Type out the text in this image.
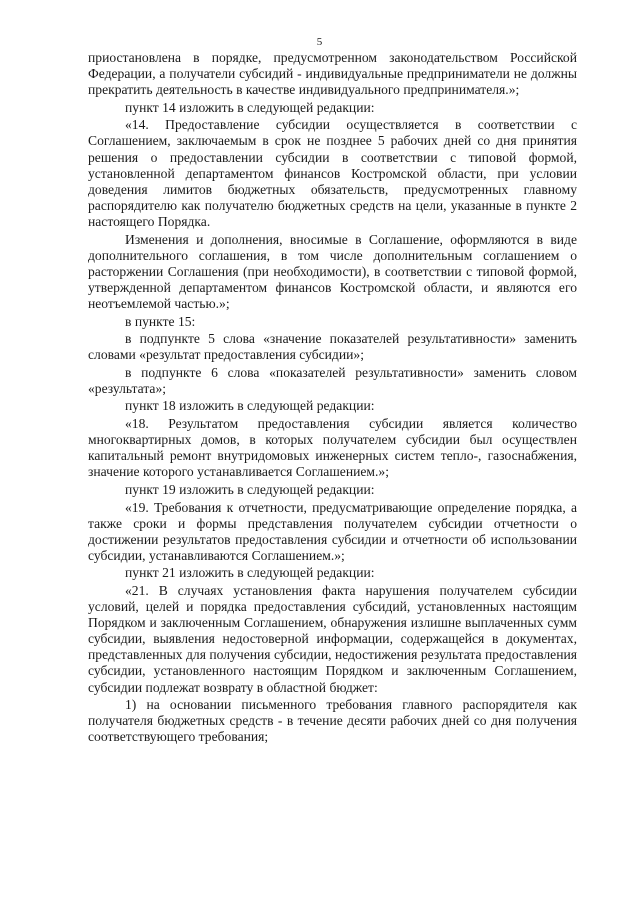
5

приостановлена в порядке, предусмотренном законодательством Российской Федерации, а получатели субсидий - индивидуальные предприниматели не должны прекратить деятельность в качестве индивидуального предпринимателя.»;

пункт 14 изложить в следующей редакции:

«14. Предоставление субсидии осуществляется в соответствии с Соглашением, заключаемым в срок не позднее 5 рабочих дней со дня принятия решения о предоставлении субсидии в соответствии с типовой формой, установленной департаментом финансов Костромской области, при условии доведения лимитов бюджетных обязательств, предусмотренных главному распорядителю как получателю бюджетных средств на цели, указанные в пункте 2 настоящего Порядка.

Изменения и дополнения, вносимые в Соглашение, оформляются в виде дополнительного соглашения, в том числе дополнительным соглашением о расторжении Соглашения (при необходимости), в соответствии с типовой формой, утвержденной департаментом финансов Костромской области, и являются его неотъемлемой частью.»;

в пункте 15:

в подпункте 5 слова «значение показателей результативности» заменить словами «результат предоставления субсидии»;

в подпункте 6 слова «показателей результативности» заменить словом «результата»;

пункт 18 изложить в следующей редакции:

«18. Результатом предоставления субсидии является количество многоквартирных домов, в которых получателем субсидии был осуществлен капитальный ремонт внутридомовых инженерных систем тепло-, газоснабжения, значение которого устанавливается Соглашением.»;

пункт 19 изложить в следующей редакции:

«19. Требования к отчетности, предусматривающие определение порядка, а также сроки и формы представления получателем субсидии отчетности о достижении результатов предоставления субсидии и отчетности об использовании субсидии, устанавливаются Соглашением.»;

пункт 21 изложить в следующей редакции:

«21. В случаях установления факта нарушения получателем субсидии условий, целей и порядка предоставления субсидий, установленных настоящим Порядком и заключенным Соглашением, обнаружения излишне выплаченных сумм субсидии, выявления недостоверной информации, содержащейся в документах, представленных для получения субсидии, недостижения результата предоставления субсидии, установленного настоящим Порядком и заключенным Соглашением, субсидии подлежат возврату в областной бюджет:

1) на основании письменного требования главного распорядителя как получателя бюджетных средств - в течение десяти рабочих дней со дня получения соответствующего требования;
